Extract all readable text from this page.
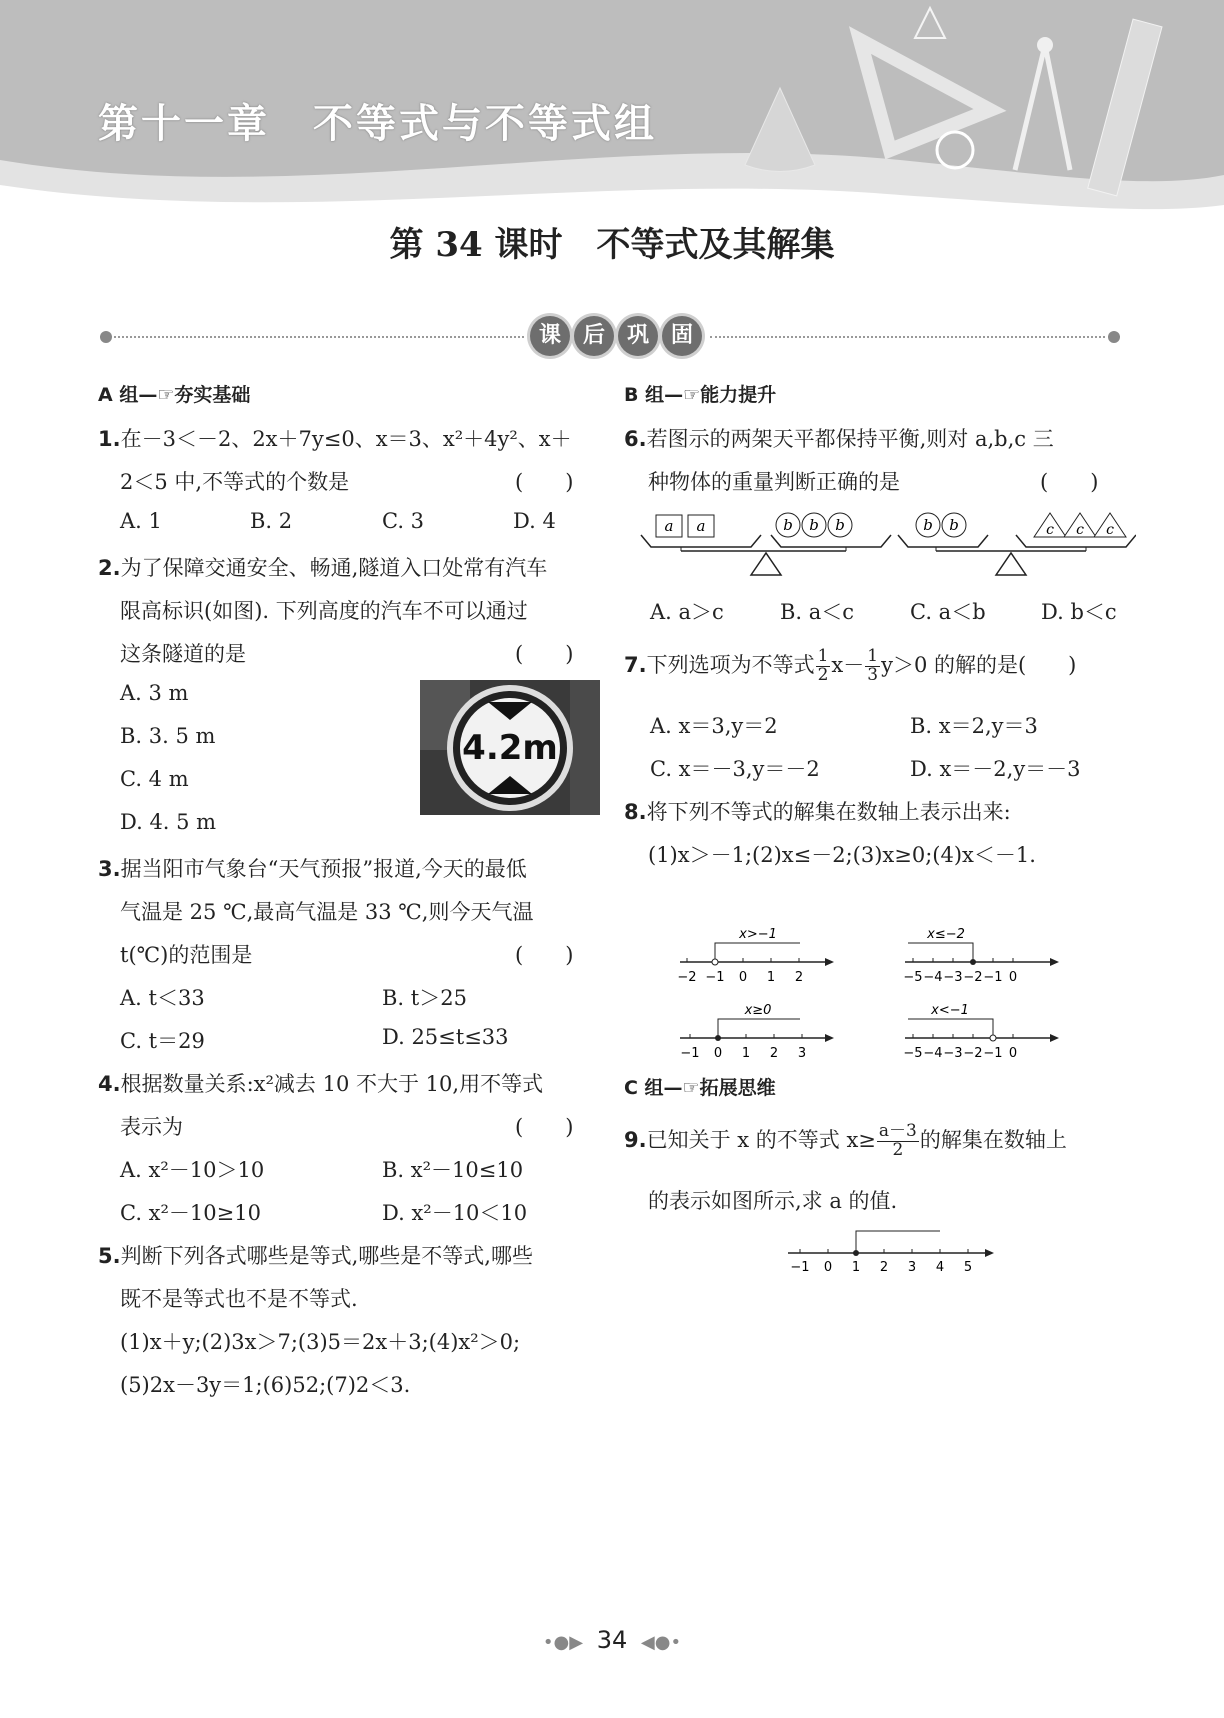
第十一章　不等式与不等式组
第 34 课时　不等式及其解集
课 后 巩 固
A 组—☞夯实基础
1.在－3＜－2、2x＋7y≤0、x＝3、x²＋4y²、x＋
2＜5 中,不等式的个数是	(　　)
A. 1	B. 2	C. 3	D. 4
2.为了保障交通安全、畅通,隧道入口处常有汽车
限高标识(如图). 下列高度的汽车不可以通过
这条隧道的是	(　　)
A. 3 m
B. 3. 5 m
C. 4 m
D. 4. 5 m
4.2m
3.据当阳市气象台“天气预报”报道,今天的最低
气温是 25 ℃,最高气温是 33 ℃,则今天气温
t(℃)的范围是	(　　)
A. t＜33	B. t＞25
C. t＝29	D. 25≤t≤33
4.根据数量关系:x²减去 10 不大于 10,用不等式
表示为	(　　)
A. x²－10＞10	B. x²－10≤10
C. x²－10≥10	D. x²－10＜10
5.判断下列各式哪些是等式,哪些是不等式,哪些
既不是等式也不是不等式.
(1)x＋y;(2)3x＞7;(3)5＝2x＋3;(4)x²＞0;
(5)2x－3y＝1;(6)52;(7)2＜3.
B 组—☞能力提升
6.若图示的两架天平都保持平衡,则对 a,b,c 三
种物体的重量判断正确的是	(　　)
a a	b b b	b b	c c c
A. a＞c	B. a＜c	C. a＜b	D. b＜c
7.下列选项为不等式 $\frac{1}{2} x- \frac{1}{3} y>0$ 的解的是(　　)
A. x＝3,y＝2	B. x＝2,y＝3
C. x＝－3,y＝－2	D. x＝－2,y＝－3
8.将下列不等式的解集在数轴上表示出来:
(1)x＞－1;(2)x≤－2;(3)x≥0;(4)x＜－1.
x>−1
−2 −1 0 1 2
x≤−2
−5 −4 −3 −2 −1 0
x≥0
−1 0 1 2 3
x<−1
−5 −4 −3 −2 −1 0
C 组—☞拓展思维
9.已知关于 x 的不等式 $x\ge \frac{a-3}{2}$ 的解集在数轴上
的表示如图所示,求 a 的值.
−1 0 1 2 3 4 5
•●▶ 34 ◀●•
